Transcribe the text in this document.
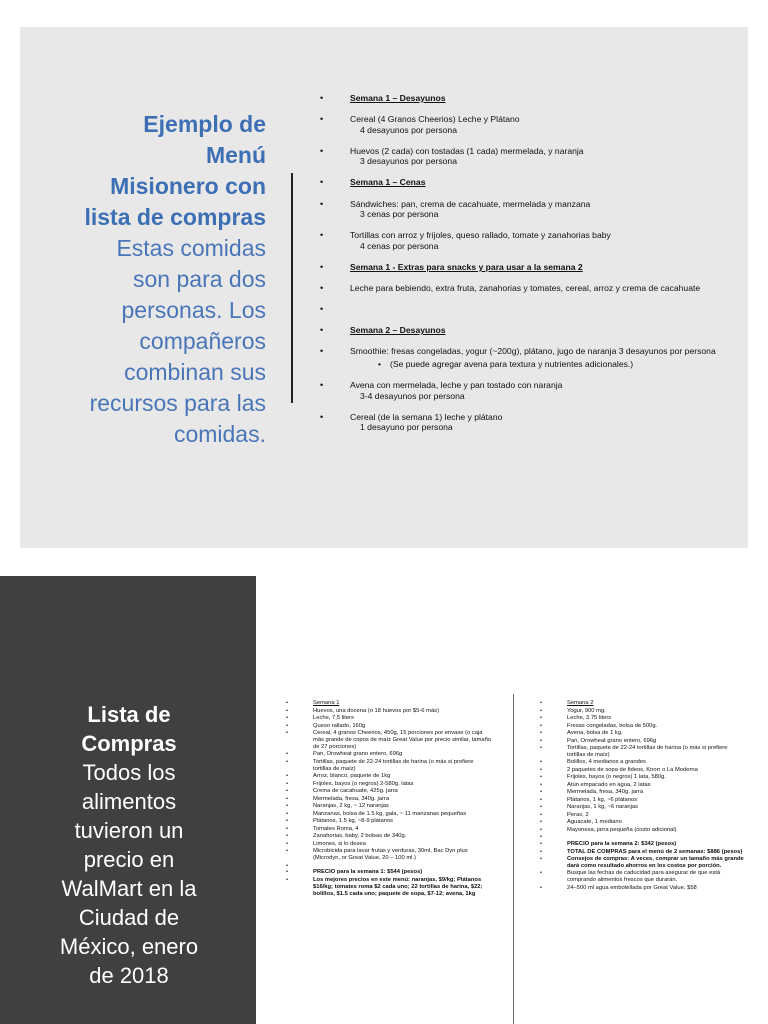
Ejemplo de
Menú
Misionero con
lista de compras
Estas comidas
son para dos
personas. Los
compañeros
combinan sus
recursos para las
comidas.
• Semana 1 – Desayunos
• Cereal (4 Granos Cheerios) Leche y Plátano
4 desayunos por persona
• Huevos (2 cada) con tostadas (1 cada) mermelada, y naranja
3 desayunos por persona
• Semana 1 – Cenas
• Sándwiches: pan, crema de cacahuate, mermelada y manzana
3 cenas por persona
• Tortillas con arroz y frijoles, queso rallado, tomate y zanahorias baby
4 cenas por persona
• Semana 1 - Extras para snacks y para usar a la semana 2
• Leche para bebiendo, extra fruta, zanahorias y tomates, cereal, arroz y crema de cacahuate
•
• Semana 2 – Desayunos
• Smoothie: fresas congeladas, yogur (~200g), plátano, jugo de naranja 3 desayunos por persona
• (Se puede agregar avena para textura y nutrientes adicionales.)
• Avena con mermelada, leche y pan tostado con naranja
3-4 desayunos por persona
• Cereal (de la semana 1) leche y plátano
1 desayuno por persona
Lista de
Compras
Todos los
alimentos
tuvieron un
precio en
WalMart en la
Ciudad de
México, enero
de 2018
• Semana 1
• Huevos, una docena (o 18 huevos por $5-6 más)
• Leche, 7,5 liters
• Queso rallado, 160g
• Cereal, 4 granos Cheerios, 450g, 15 porciones por envase (o caja más grande de copos de maíz Great Value por precio similar, tamaño de 27 porciones)
• Pan, Orowheat grano entero, 696g
• Tortillas, paquete de 22-24 tortillas de harina (o más si prefiere tortillas de maíz)
• Arroz, blanco, paquete de 1kg
• Frijoles, bayos (o negros) 2-580g. latas
• Crema de cacahuate, 425g. jarra
• Mermelada, fresa, 340g. jarra
• Naranjas, 2 kg, ~ 12 naranjas
• Manzanas, bolsa de 1.5 kg, gala, ~ 11 manzanas pequeñas
• Plátanos, 1.5 kg, ~8-9 plátanos
• Tomates Roma, 4
• Zanahorias, baby, 2 bolsas de 340g.
• Limones, si lo desea
• Microbicida para lavar frutas y verduras, 30ml, Bac Dyn plus (Microdyn, or Great Value, 20 – 100 ml.)
•
• PRECIO para la semana 1: $544 (pesos)
• Los mejores precios en este menú: naranjas, $9/kg; Plátanos $16/kg; tomates roma $2 cada uno; 22 tortillas de harina, $22; bolillos, $1.5 cada uno; paquete de sopa, $7-12; avena, 1kg
• Semana 2
• Yogur, 900 mg.
• Leche, 3.75 liters
• Fresas congeladas, bolsa de 500g.
• Avena, bolsa de 1 kg.
• Pan, Orowheat grano entero, 696g
• Tortillas, paquete de 22-24 tortillas de harina (o más si prefiere tortillas de maíz)
• Bolillos, 4 medianos a grandes
• 2 paquetes de sopa de fideos, Knorr o La Moderna
• Frijoles, bayos (o negros) 1 lata, 580g.
• Atún empacado en agua, 2 latas
• Mermelada, fresa, 340g. jarra
• Plátanos, 1 kg, ~6 plátanos
• Naranjas, 1 kg, ~6 naranjas
• Peras, 2
• Aguacate, 1 mediano
• Mayonesa, jarra pequeña (costo adicional)
•
• PRECIO para la semana 2: $342 (pesos)
• TOTAL DE COMPRAS para el menú de 2 semanas: $886 (pesos)
• Consejos de compras: A veces, comprar un tamaño más grande dará como resultado ahorros en los costos por porción.
• Busque las fechas de caducidad para asegurar de que está comprando alimentos frescos que durarán.
• 24–500 ml agua embotellada por Great Value, $58
